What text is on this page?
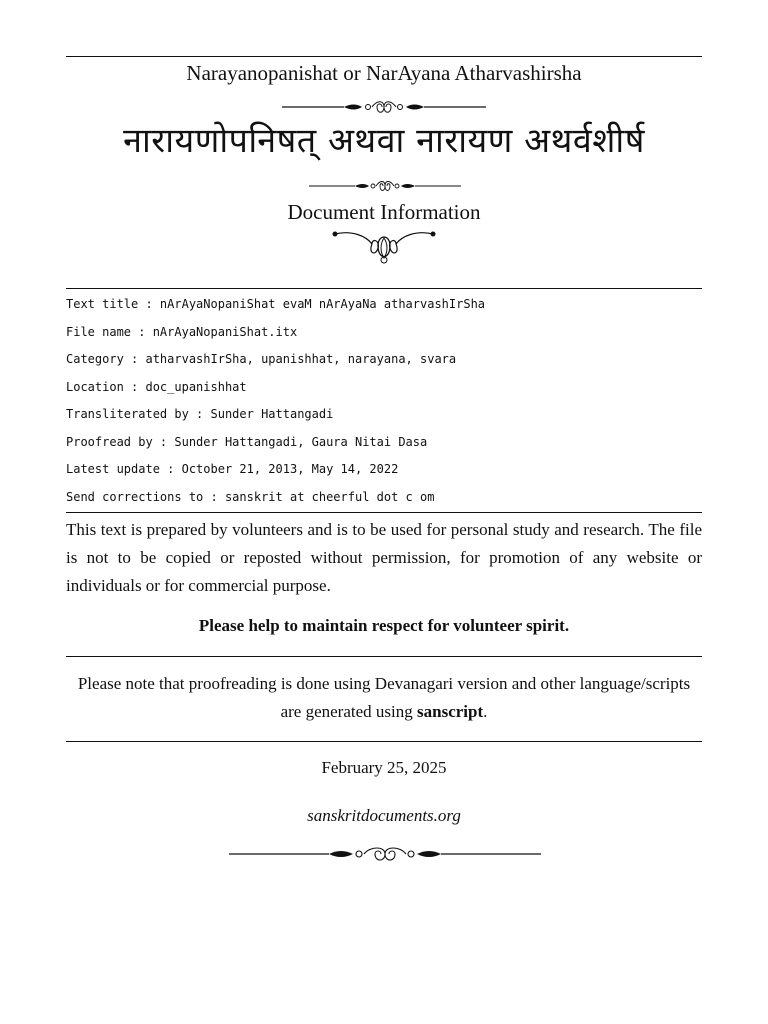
Narayanopanishat or NarAyana Atharvashirsha
नारायणोपनिषत् अथवा नारायण अथर्वशीर्ष
Document Information
Text title : nArAyaNopaniShat evaM nArAyaNa atharvashIrSha
File name : nArAyaNopaniShat.itx
Category : atharvashIrSha, upanishhat, narayana, svara
Location : doc_upanishhat
Transliterated by : Sunder Hattangadi
Proofread by : Sunder Hattangadi, Gaura Nitai Dasa
Latest update : October 21, 2013, May 14, 2022
Send corrections to : sanskrit at cheerful dot c om
This text is prepared by volunteers and is to be used for personal study and research. The file is not to be copied or reposted without permission, for promotion of any website or individuals or for commercial purpose.
Please help to maintain respect for volunteer spirit.
Please note that proofreading is done using Devanagari version and other language/scripts are generated using sanscript.
February 25, 2025
sanskritdocuments.org
